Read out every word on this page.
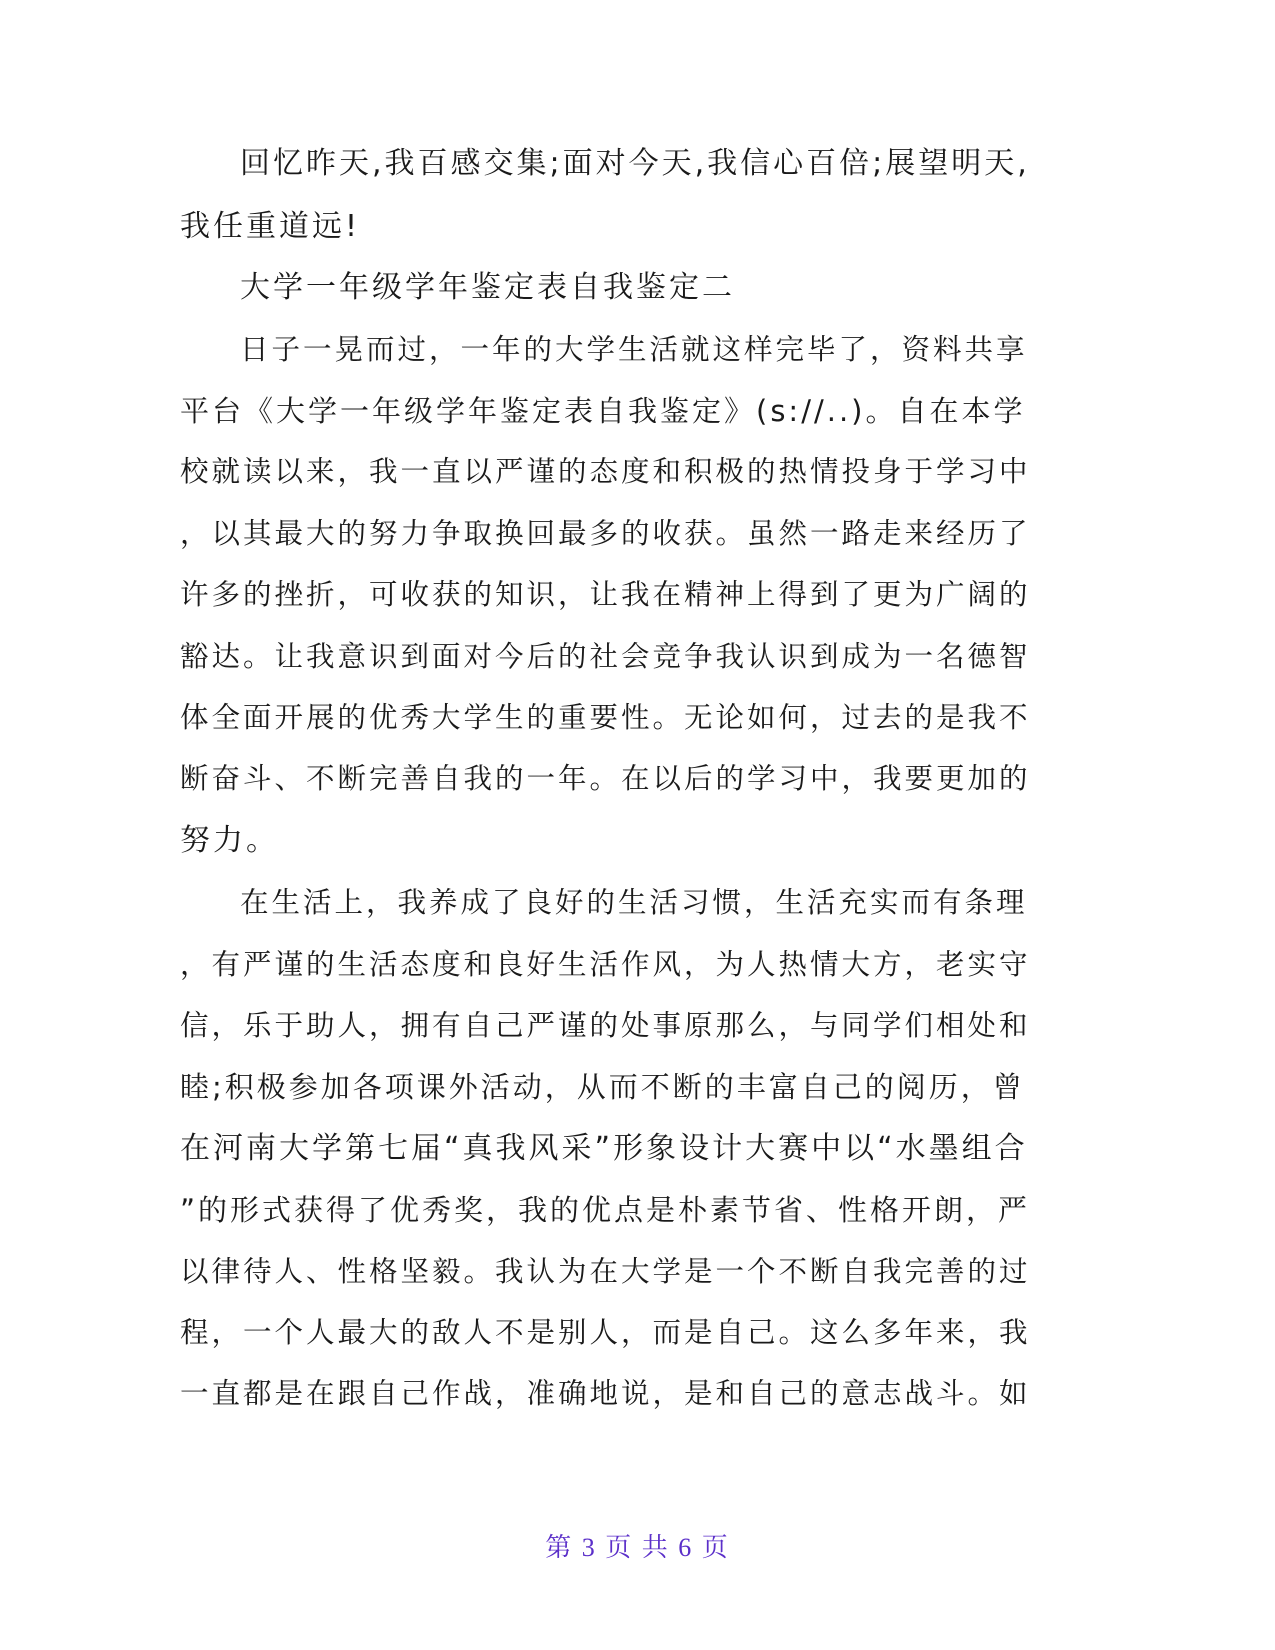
回忆昨天,我百感交集;面对今天,我信心百倍;展望明天,
我任重道远!
大学一年级学年鉴定表自我鉴定二
日子一晃而过，一年的大学生活就这样完毕了，资料共享
平台《大学一年级学年鉴定表自我鉴定》(s://..)。自在本学
校就读以来，我一直以严谨的态度和积极的热情投身于学习中
，以其最大的努力争取换回最多的收获。虽然一路走来经历了
许多的挫折，可收获的知识，让我在精神上得到了更为广阔的
豁达。让我意识到面对今后的社会竞争我认识到成为一名德智
体全面开展的优秀大学生的重要性。无论如何，过去的是我不
断奋斗、不断完善自我的一年。在以后的学习中，我要更加的
努力。
在生活上，我养成了良好的生活习惯，生活充实而有条理
，有严谨的生活态度和良好生活作风，为人热情大方，老实守
信，乐于助人，拥有自己严谨的处事原那么，与同学们相处和
睦;积极参加各项课外活动，从而不断的丰富自己的阅历，曾
在河南大学第七届“真我风采”形象设计大赛中以“水墨组合
”的形式获得了优秀奖，我的优点是朴素节省、性格开朗，严
以律待人、性格坚毅。我认为在大学是一个不断自我完善的过
程，一个人最大的敌人不是别人，而是自己。这么多年来，我
一直都是在跟自己作战，准确地说，是和自己的意志战斗。如
第 3 页 共 6 页
